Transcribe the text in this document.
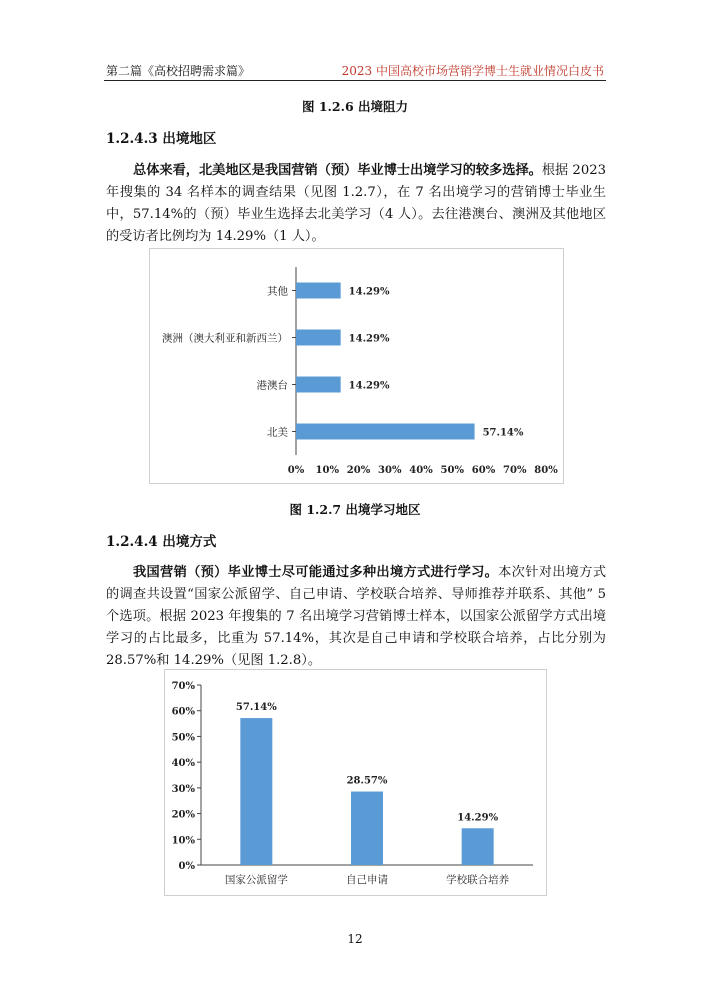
第二篇《高校招聘需求篇》	2023 中国高校市场营销学博士生就业情况白皮书
图 1.2.6 出境阻力
1.2.4.3 出境地区

总体来看，北美地区是我国营销（预）毕业博士出境学习的较多选择。根据 2023 年搜集的 34 名样本的调查结果（见图 1.2.7），在 7 名出境学习的营销博士毕业生中，57.14%的（预）毕业生选择去北美学习（4 人）。去往港澳台、澳洲及其他地区的受访者比例均为 14.29%（1 人）。

其他	14.29%
澳洲（澳大利亚和新西兰）	14.29%
港澳台	14.29%
北美	57.14%
0% 10% 20% 30% 40% 50% 60% 70% 80%
图 1.2.7 出境学习地区
1.2.4.4 出境方式

我国营销（预）毕业博士尽可能通过多种出境方式进行学习。本次针对出境方式的调查共设置“国家公派留学、自己申请、学校联合培养、导师推荐并联系、其他” 5 个选项。根据 2023 年搜集的 7 名出境学习营销博士样本，以国家公派留学方式出境学习的占比最多，比重为 57.14%，其次是自己申请和学校联合培养，占比分别为 28.57%和 14.29%（见图 1.2.8）。

0%
10%
20%
30%
40%
50%
60%
70%
57.14%
国家公派留学
28.57%
自己申请
14.29%
学校联合培养
12
